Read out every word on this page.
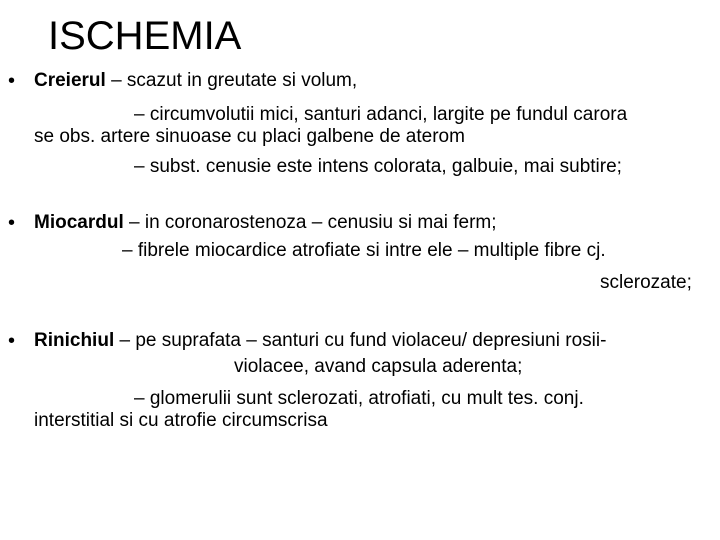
ISCHEMIA
• Creierul – scazut in greutate si volum,
– circumvolutii mici, santuri adanci, largite pe fundul carora
se obs. artere sinuoase cu placi galbene de aterom
– subst. cenusie este intens colorata, galbuie, mai subtire;
• Miocardul – in coronarostenoza – cenusiu si mai ferm;
– fibrele miocardice atrofiate si intre ele – multiple fibre cj.
sclerozate;
• Rinichiul – pe suprafata – santuri cu fund violaceu/ depresiuni rosii-
violacee, avand capsula aderenta;
– glomerulii sunt sclerozati, atrofiati, cu mult tes. conj.
interstitial si cu atrofie circumscrisa
